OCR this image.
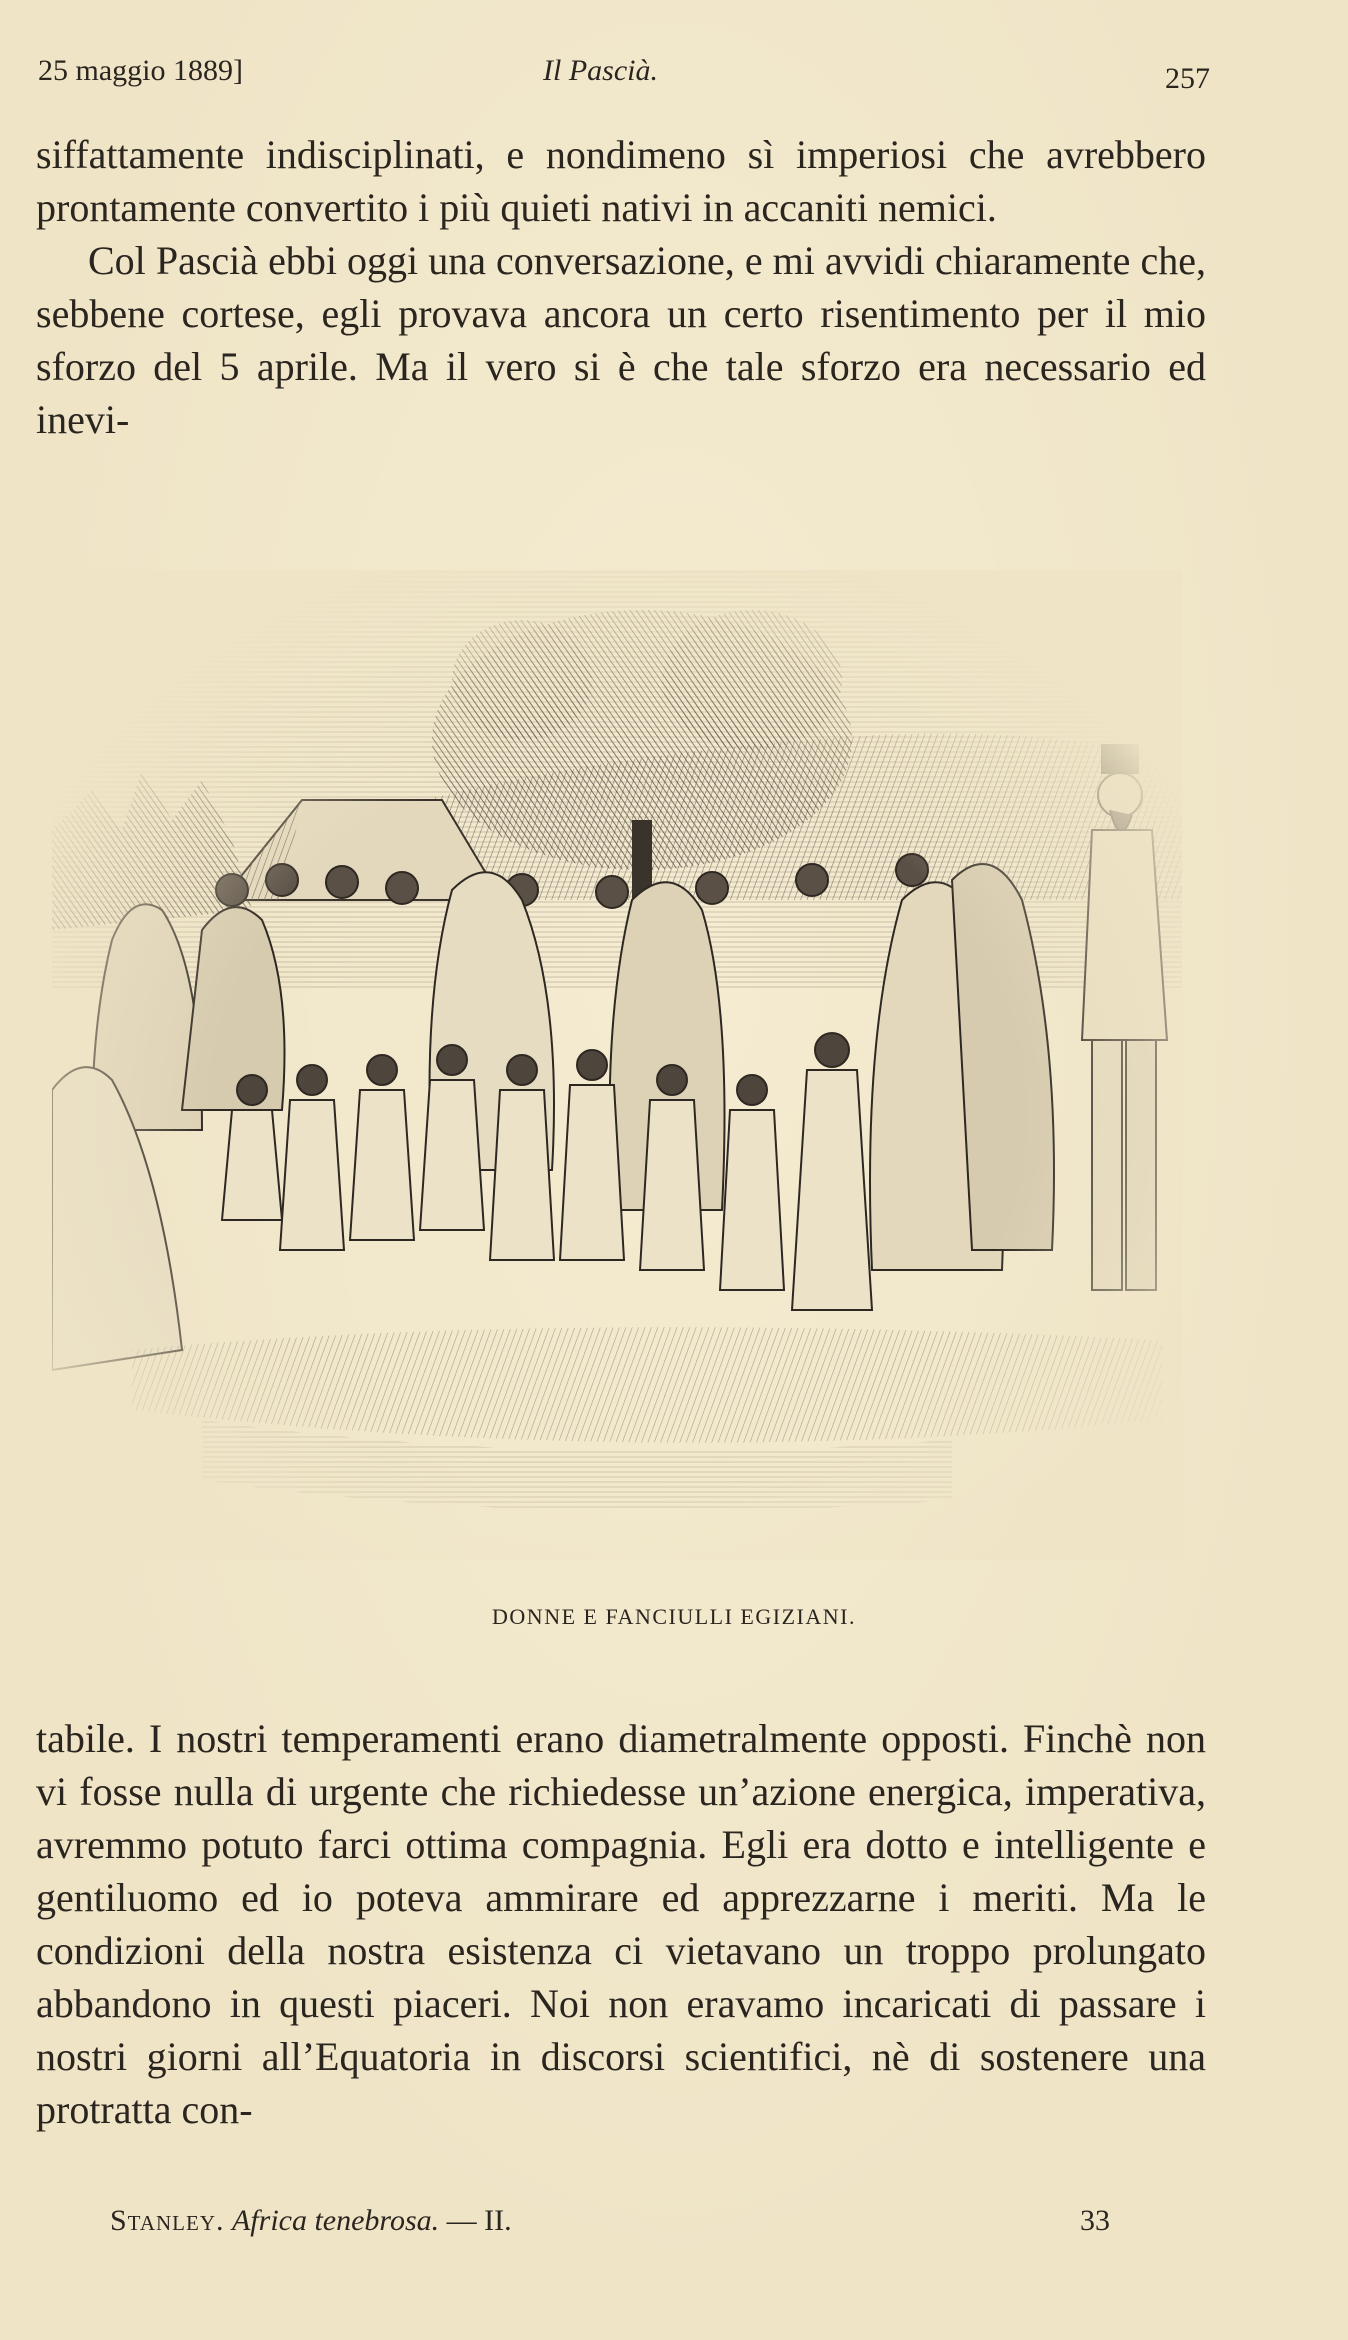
25 maggio 1889]	Il Pascià.	257

siffattamente indisciplinati, e nondimeno sì imperiosi che avrebbero prontamente convertito i più quieti nativi in accaniti nemici.

Col Pascià ebbi oggi una conversazione, e mi avvidi chiaramente che, sebbene cortese, egli provava ancora un certo risentimento per il mio sforzo del 5 aprile. Ma il vero si è che tale sforzo era necessario ed inevi-

DONNE E FANCIULLI EGIZIANI.

tabile. I nostri temperamenti erano diametralmente opposti. Finchè non vi fosse nulla di urgente che richiedesse un’azione energica, imperativa, avremmo potuto farci ottima compagnia. Egli era dotto e intelligente e gentiluomo ed io poteva ammirare ed apprezzarne i meriti. Ma le condizioni della nostra esistenza ci vietavano un troppo prolungato abbandono in questi piaceri. Noi non eravamo incaricati di passare i nostri giorni all’Equatoria in discorsi scientifici, nè di sostenere una protratta con-

Stanley. Africa tenebrosa. — II.	33
